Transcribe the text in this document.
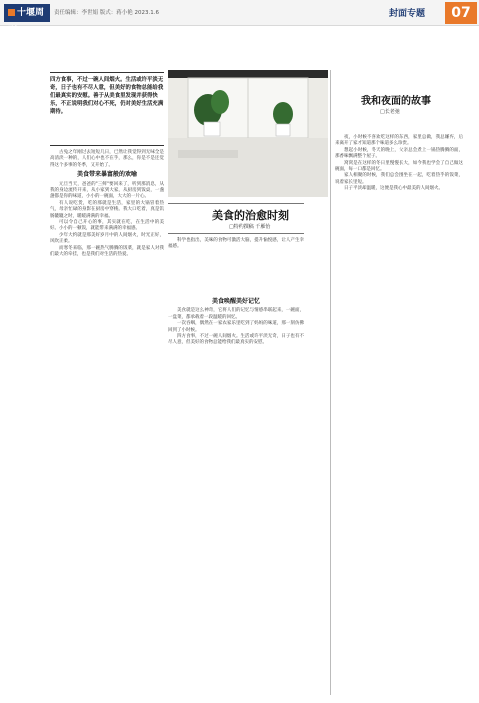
十堰周刊
责任编辑：李世娟 版式：蒋小艳 2023.1.6	封面专题	07
四方食事，不过一碗人间烟火。生活或许平淡无奇，日子也有不尽人意，但美好的食物总能给我们最真实的安慰。善于从美食里发现并获得快乐，不正说明我们对心不死，仍对美好生活充满期待。

古兔之年刚过去短短几日，已然让我觉得到无味全是高清淡一种的，人们心中也不在乎，那么，你是不是还觉得这个多事的冬季，又开始了。

美食带来暴富般的欢喻

元旦当天，爸爸的"三鲜"要回来了，听到那消息，从我的身边流传开来，从小家到大家，从厨房到饭桌，一盏盏都是你的味道，小小的一碗面，大大的一片心。

有人说吃货，吃的那就是生活，家里的大锅冒着热气，母亲忙碌的身影在厨房中穿梭。我大口吃着，真是饥肠辘辘之时，暖暖满满的幸福。

可以令自己开心的事，其实就在吃，在生活中的美好。小小的一顿饭，就能带来满满的幸福感。

少年大约就是那美好岁月中的人间烟火，时光正好，风吹正柔。

而寒冬来临，那一碗热气腾腾的饭菜，就是家人对我们最大的牵挂，也是我们对生活的热爱。

美食的治愈时刻
□特约撰稿 千雁怡

科学也指出，美味的食物可激活大脑，提升愉悦感，让人产生幸福感。

美食唤醒美好记忆

美食就是这么神奇，它将人们的记忆与情感串联起来，一碗面，一盘菜，都承载着一段温暖的回忆。

一次吞咽，偶然在一家农家乐里吃到了妈妈的味道，那一刻仿佛回到了小时候。

四方食事，不过一碗人间烟火。生活或许平淡无奇，日子也有不尽人意，但美好的食物总能给我们最真实的安慰。

我和夜面的故事
□长老弛

夜，小时候不喜欢吃这样的东西，家里总做，我总嫌弃，后来离开了家才知道那个味道多么珍贵。

想起小时候，冬天的晚上，父亲总会煮上一锅热腾腾的面，那香味飘满整个屋子。

窝窝是在这样的冬日里慢慢长大，如今我也学会了自己做这碗面，每一口都是回忆。

家人相聚的时候，我们总会围坐在一起，吃着热乎的饭菜，说着家长里短。

日子平淡却温暖，这便是我心中最美的人间烟火。
